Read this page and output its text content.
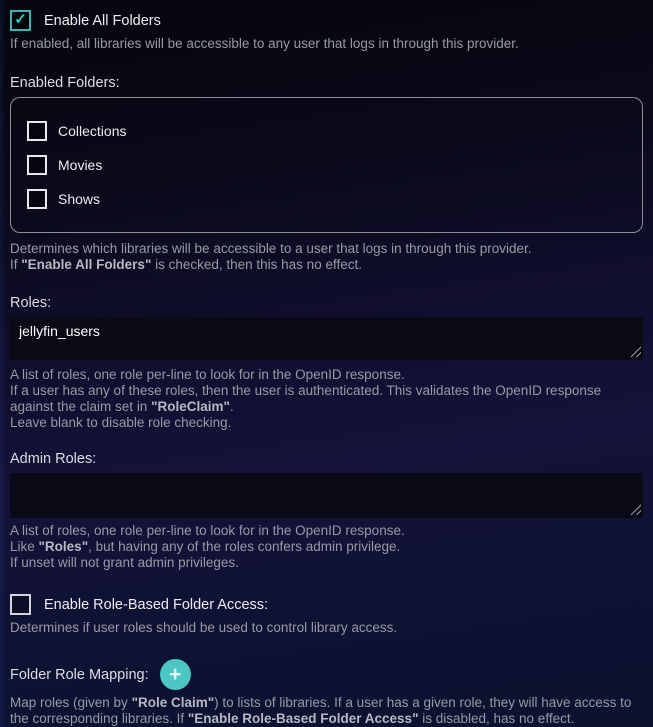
✓ Enable All Folders
If enabled, all libraries will be accessible to any user that logs in through this provider.
Enabled Folders:
Collections
Movies
Shows
Determines which libraries will be accessible to a user that logs in through this provider.
If "Enable All Folders" is checked, then this has no effect.
Roles:
jellyfin_users
A list of roles, one role per-line to look for in the OpenID response.
If a user has any of these roles, then the user is authenticated. This validates the OpenID response against the claim set in "RoleClaim".
Leave blank to disable role checking.
Admin Roles:
A list of roles, one role per-line to look for in the OpenID response.
Like "Roles", but having any of the roles confers admin privilege.
If unset will not grant admin privileges.
Enable Role-Based Folder Access:
Determines if user roles should be used to control library access.
Folder Role Mapping: +
Map roles (given by "Role Claim") to lists of libraries. If a user has a given role, they will have access to the corresponding libraries. If "Enable Role-Based Folder Access" is disabled, has no effect.
